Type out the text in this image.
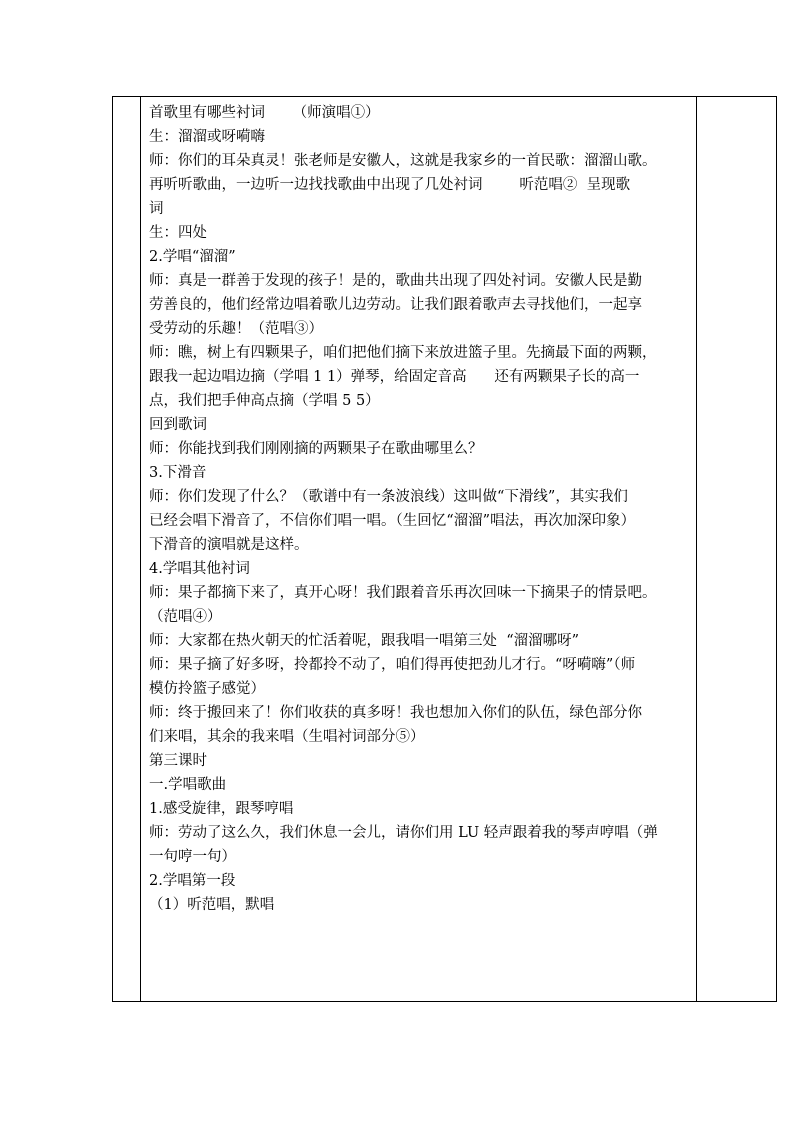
首歌里有哪些衬词      （师演唱①）
生：溜溜或呀嗬嗨
师：你们的耳朵真灵！张老师是安徽人，这就是我家乡的一首民歌：溜溜山歌。
再听听歌曲，一边听一边找找歌曲中出现了几处衬词        听范唱②  呈现歌
词
生：四处
2.学唱“溜溜”
师：真是一群善于发现的孩子！是的，歌曲共出现了四处衬词。安徽人民是勤
劳善良的，他们经常边唱着歌儿边劳动。让我们跟着歌声去寻找他们，一起享
受劳动的乐趣！（范唱③）
师：瞧，树上有四颗果子，咱们把他们摘下来放进篮子里。先摘最下面的两颗，
跟我一起边唱边摘（学唱 1 1）弹琴，给固定音高      还有两颗果子长的高一
点，我们把手伸高点摘（学唱 5 5）
回到歌词
师：你能找到我们刚刚摘的两颗果子在歌曲哪里么？
3.下滑音
师：你们发现了什么？（歌谱中有一条波浪线）这叫做“下滑线”，其实我们
已经会唱下滑音了，不信你们唱一唱。（生回忆“溜溜”唱法，再次加深印象）
下滑音的演唱就是这样。
4.学唱其他衬词
师：果子都摘下来了，真开心呀！我们跟着音乐再次回味一下摘果子的情景吧。
（范唱④）
师：大家都在热火朝天的忙活着呢，跟我唱一唱第三处  “溜溜哪呀”
师：果子摘了好多呀，拎都拎不动了，咱们得再使把劲儿才行。“呀嗬嗨”（师
模仿拎篮子感觉）
师：终于搬回来了！你们收获的真多呀！我也想加入你们的队伍，绿色部分你
们来唱，其余的我来唱（生唱衬词部分⑤）
第三课时
一.学唱歌曲
1.感受旋律，跟琴哼唱
师：劳动了这么久，我们休息一会儿，请你们用 LU 轻声跟着我的琴声哼唱（弹
一句哼一句）
2.学唱第一段
（1）听范唱，默唱
